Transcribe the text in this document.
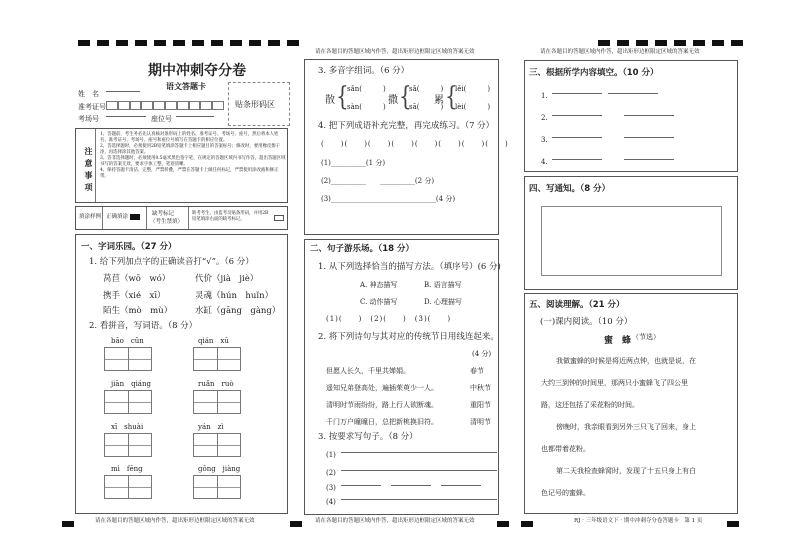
期中冲刺夺分卷
语文答题卡
姓　名
准考证号
考场号	座位号
贴条形码区
注意事项
1、答题前，考生务必先认真核对条形码上的姓名、准考证号、考场号、座号，然后将本人姓名、准考证号、考场号、座号和座位号填写在答题卡的相应位置。
2、答选择题时，必须使用2B铅笔填涂答题卡上相应题目的答案标号；修改时，要用橡皮擦干净，再选择涂其他答案。
3、答非选择题时，必须使用0.5毫米黑色签字笔，在规定的答题区域内书写作答，超出答题区域书写的答案无效，要求字体工整，笔迹清晰。
4、保持答题卡清洁、完整，严禁折叠，严禁在答题卡上做任何标记，严禁使用涂改液和修正带。
填涂样例 正确填涂	缺考标记
（考生禁填）
缺考考生，由监考员贴条形码，并用2B铅笔填涂右面的缺考标记。
一、字词乐园。（27 分）
1. 给下列加点字的正确读音打“√”。（6 分）
莴苣（wō　wó）	代价（jià　jiè）
携手（xié　xī）	灵魂（hún　huǐn）
陌生（mò　mù）	水缸（gāng　gàng）
2. 看拼音，写词语。（8 分）
bāo　cūn	qián　xū
jiān　qiáng	ruǎn　ruò
xī　shuài	yán　zì
mì　fēng	gōng　jiàng
请在各题目的答题区域内作答，超出矩形边框限定区域的答案无效
请在各题目的答题区域内作答，超出矩形边框限定区域的答案无效
3. 多音字组词。（6 分）
散 {
sǎn(　　　)
sàn(　　　)
撒 {
sǎ(　　　)
sā(　　　)
累 {
lěi(　　　)
lèi(　　　)
4. 把下列成语补充完整，再完成练习。（7 分）
(　　)(　　)(　　)(　　)(　　)(　　)(　　)(　　)
(1)__________(1 分)
(2)__________　　__________(2 分)
(3)______________________________(4 分)
二、句子游乐场。（18 分）
1. 从下列选择恰当的描写方法。（填序号）(6 分)
A. 神态描写	B. 语言描写
C. 动作描写	D. 心理描写
(1)(　　)　(2)(　　)　(3)(　　)
2. 将下列诗句与其对应的传统节日用线连起来。
(4 分)
但愿人长久，千里共婵娟。
遥知兄弟登高处，遍插茱萸少一人。
清明时节雨纷纷，路上行人欲断魂。
千门万户曈曈日，总把新桃换旧符。
春节
中秋节
重阳节
清明节
3. 按要求写句子。（8 分）
(1)
(2)
(3)
(4)
请在各题目的答题区域内作答，超出矩形边框限定区域的答案无效
请在各题目的答题区域内作答，超出矩形边框限定区域的答案无效
三、根据所学内容填空。（10 分）
1.
2.
3.
4.
四、写通知。（8 分）
五、阅读理解。（21 分）
(一)课内阅读。（10 分）
蜜　蜂 （节选）
我做蜜蜂的时候是将近两点钟，也就是说，在
大约三到钟的时间里，那两只小蜜蜂飞了四公里
路，这还包括了采花粉的时间。
傍晚时，我亲眼看到另外三只飞了回来，身上
也都带着花粉。
第二天我检查蜂窝时，发现了十五只身上有白
色记号的蜜蜂。
RJ · 三年级语文下 · 期中冲刺夺分卷答题卡　第 1 页
